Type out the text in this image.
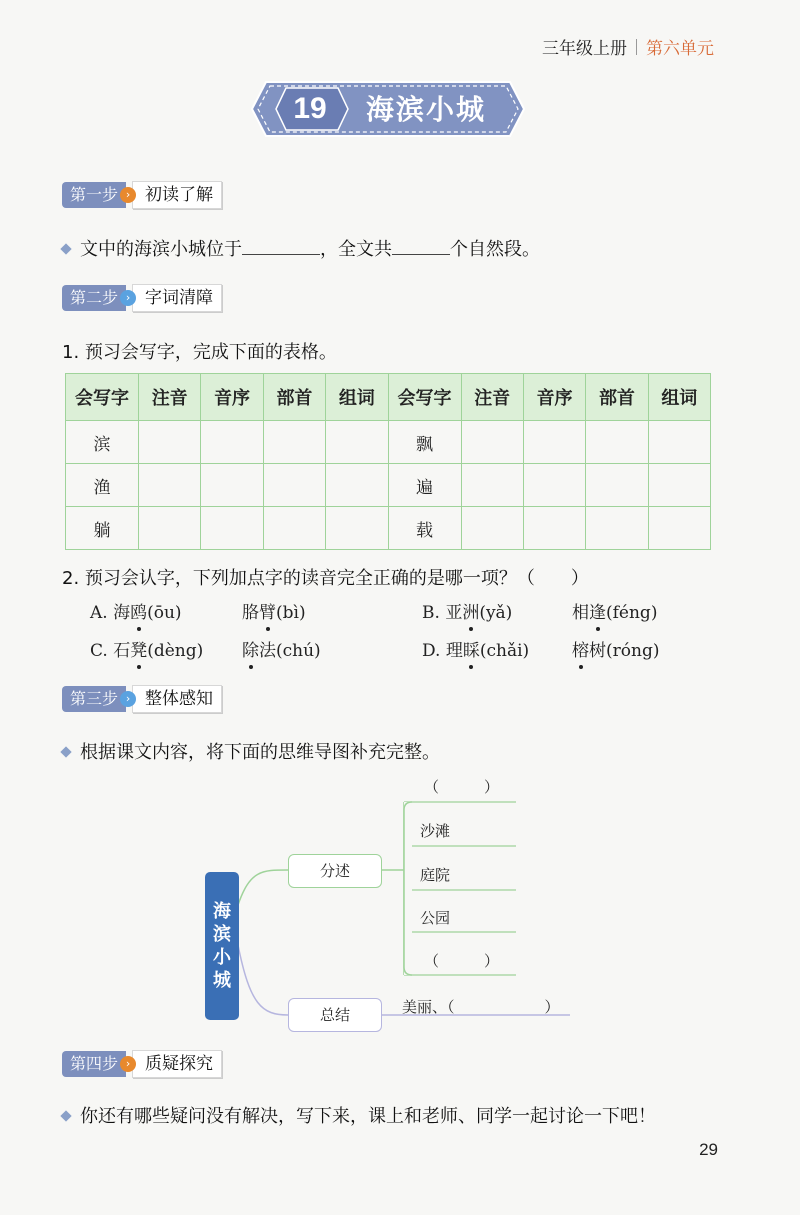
三年级上册 第六单元
19	海滨小城
第一步 › 初读了解
文中的海滨小城位于	，全文共	个自然段。
第二步 › 字词清障
1. 预习会写字，完成下面的表格。
会写字	注音	音序	部首	组词	会写字	注音	音序	部首	组词
滨					飘				
渔					遍				
躺					载				
2. 预习会认字，下列加点字的读音完全正确的是哪一项？（　　）
A. 海鸥(ōu)	胳臂(bì)	B. 亚洲(yǎ)	相逢(féng)
C. 石凳(dèng) 除法(chú)	D. 理睬(chǎi)	榕树(róng)
第三步 › 整体感知
根据课文内容，将下面的思维导图补充完整。
海
滨
小
城
分述
总结
（　　　）
沙滩
庭院
公园
（　　　）
美丽、（　　　　　　）
第四步 › 质疑探究
你还有哪些疑问没有解决，写下来，课上和老师、同学一起讨论一下吧！
29
